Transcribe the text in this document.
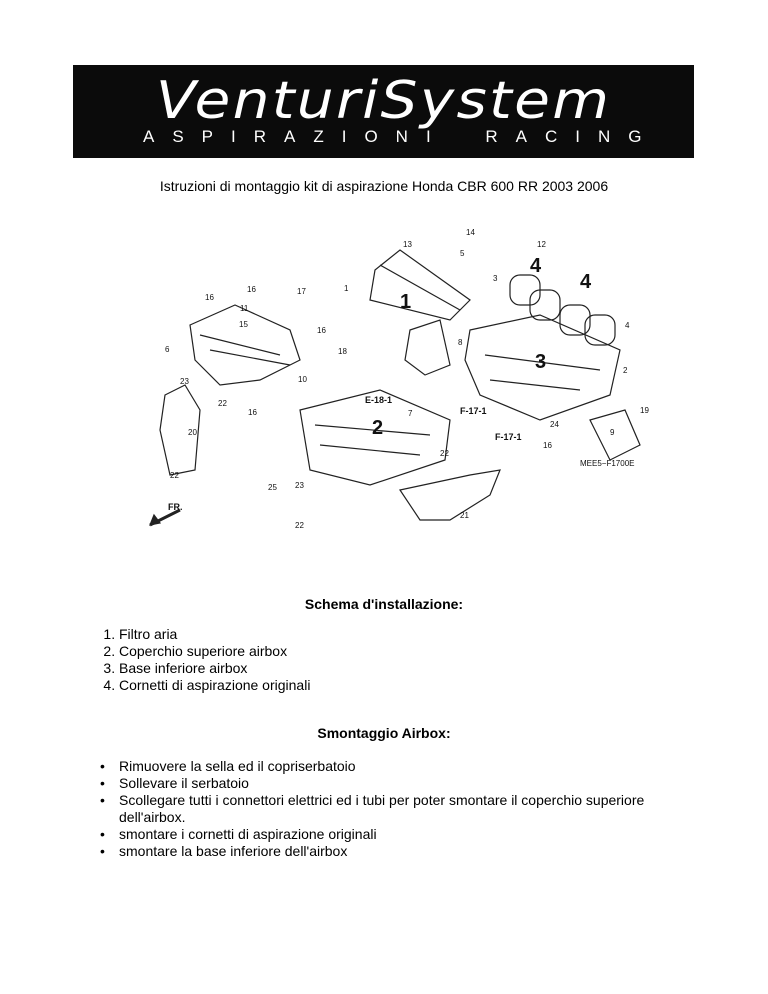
VenturiSystem
ASPIRAZIONI RACING
Istruzioni di montaggio kit di aspirazione Honda CBR 600 RR 2003 2006
1
2
3
4
4
E-18-1
F-17-1
F-17-1
MEE5−F1700E
FR.
1
2
3
4
5
6
7
8
9
10
11
12
13
14
15
16
16
16
16
16
17
18
19
20
21
22
22
22
22
23
23
24
25
Schema d'installazione:
1. Filtro aria
2. Coperchio superiore airbox
3. Base inferiore airbox
4. Cornetti di aspirazione originali
Smontaggio Airbox:
• Rimuovere la sella ed il copriserbatoio
• Sollevare il serbatoio
• Scollegare tutti i connettori elettrici ed i tubi per poter smontare il coperchio superiore dell'airbox.
• smontare i cornetti di aspirazione originali
• smontare la base inferiore dell'airbox
